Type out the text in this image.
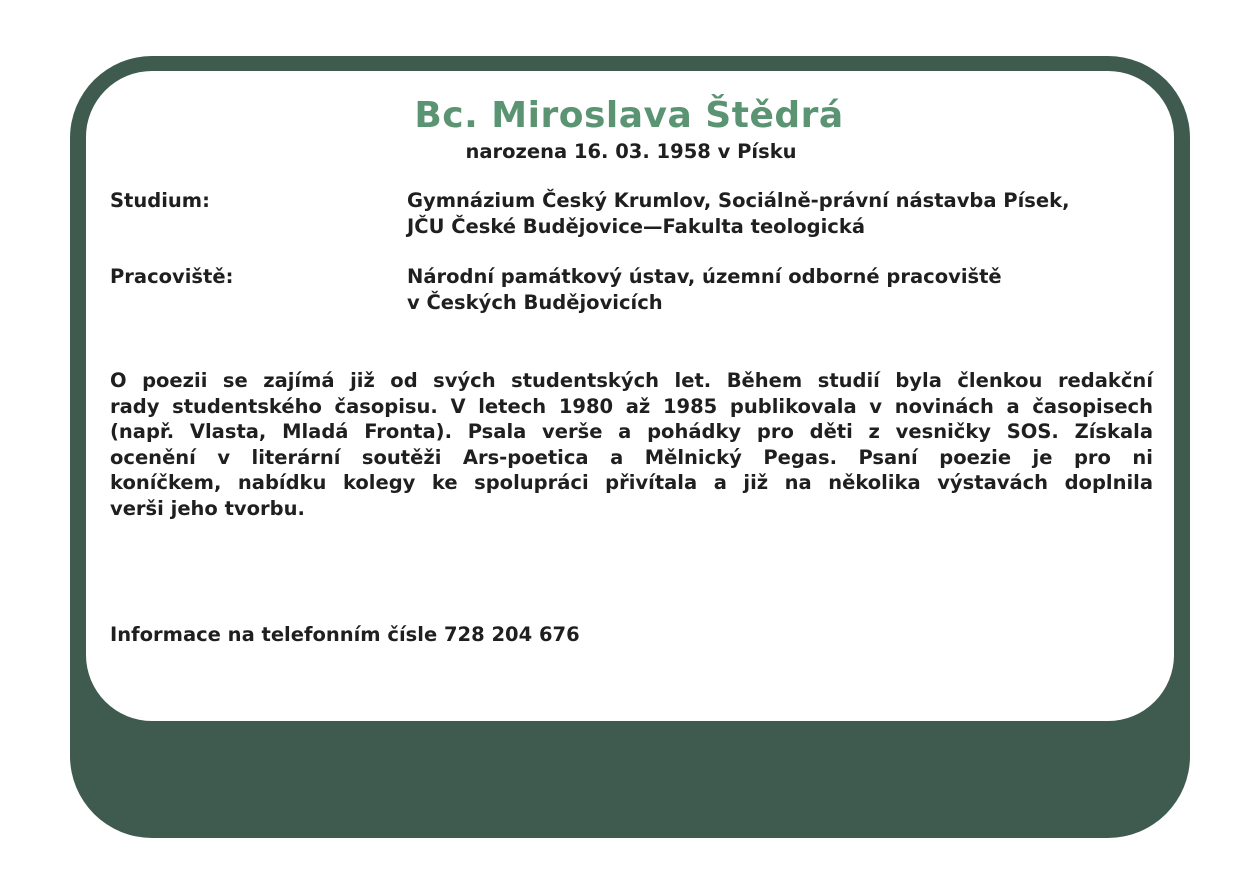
Bc. Miroslava Štědrá
narozena 16. 03. 1958 v Písku
Studium:	Gymnázium Český Krumlov, Sociálně-právní nástavba Písek,
JČU České Budějovice—Fakulta teologická
Pracoviště:	Národní památkový ústav, územní odborné pracoviště
v Českých Budějovicích
O poezii se zajímá již od svých studentských let. Během studií byla členkou redakční
rady studentského časopisu. V letech 1980 až 1985 publikovala v novinách a časopisech
(např. Vlasta, Mladá Fronta). Psala verše a pohádky pro děti z vesničky SOS. Získala
ocenění v literární soutěži Ars-poetica a Mělnický Pegas. Psaní poezie je pro ni
koníčkem, nabídku kolegy ke spolupráci přivítala a již na několika výstavách doplnila
verši jeho tvorbu.
Informace na telefonním čísle 728 204 676
